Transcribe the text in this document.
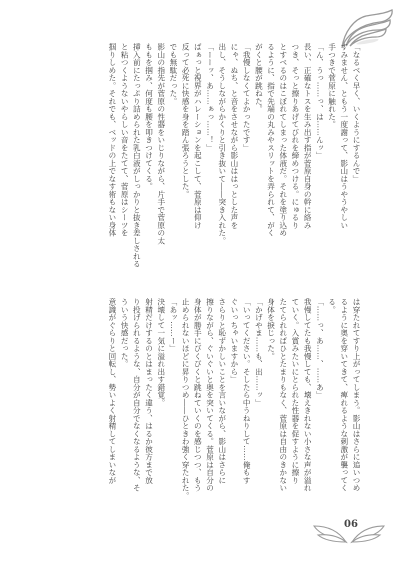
「なるべく早く、いくようにするんで」
すみません、ともう一度謝って、影山はうやうやしい
手つきで菅原に触れた。
「ん、うっ……っ、は……んッ」
長い、正確なトスを生み出す指が菅原自身の幹に絡み
つき、そっと擦りあげてびれを締めつける。にゅるり
とすべるのはこぼれてしまった体液だ。それを塗り込め
るように、指で先端の丸みやスリットを弄られて、がく
がくと腰が跳ねた。
「我慢しなくてよかったです」
にゃ、ぬち、と音をさせながら影山ははっとした声を
出し、そうしながらかくりと引き抜いて――突き入れた。
「ーーッ、あ……ぁっ……！」
ばぁっと視界がハレーションを起こして、菅原は仰け
反って必死に快感を身を踏ん張ろうとした。
でも無駄だった。
影山の指先が菅原の性器をいじりながら、片手で菅原の太
ももを掴み、何度も腰を叩きつけてくる。
挿入前にたっぷり詰められた乳白液がしっかりと抜き差しされる
と粘つくようないやらしい音をたてて、菅原はシーツを
掴りしめた。それでも、ベッドの上でなす術もない身体
は穿たれてすり上がってしまう。影山はさらに追いつめ
るように奥を穿いてきて、痺れるような刺激が襲ってく
る。
「……っ、あ……、……あ」
我慢してたも我慢しても、壊えきれない小さな声が溢れ
ていく。入賞みたいにとられた性器を促すように擦り
たてられればひとたまりもなく、菅原は自由のきかない
身体を捩じった。
「かげやま……も、出……ッ」
「いってください。そしたら中うねりして……俺もす
ぐいっちゃいますから」
さらりと恥ずかしいことを言いながら、影山はさらに
擦りながら、ぐいぐいと奥を突いてくる。菅原は自分の
身体が勝手にびくびくと跳ねていくのを感じつつ、もう
止められないほどに昇りつめ――ひときわ強く穿たれた。
「あッ……ー」
決壊して一気に溢れ出す錯覚。
射精だけするのとはまったく違う、はるか彼方まで放
り投げられるような、自分が自分でなくなるような、そ
ういう快感だった。
意識がぐらりと回転し、勢いよく射精してしまいなが
06
